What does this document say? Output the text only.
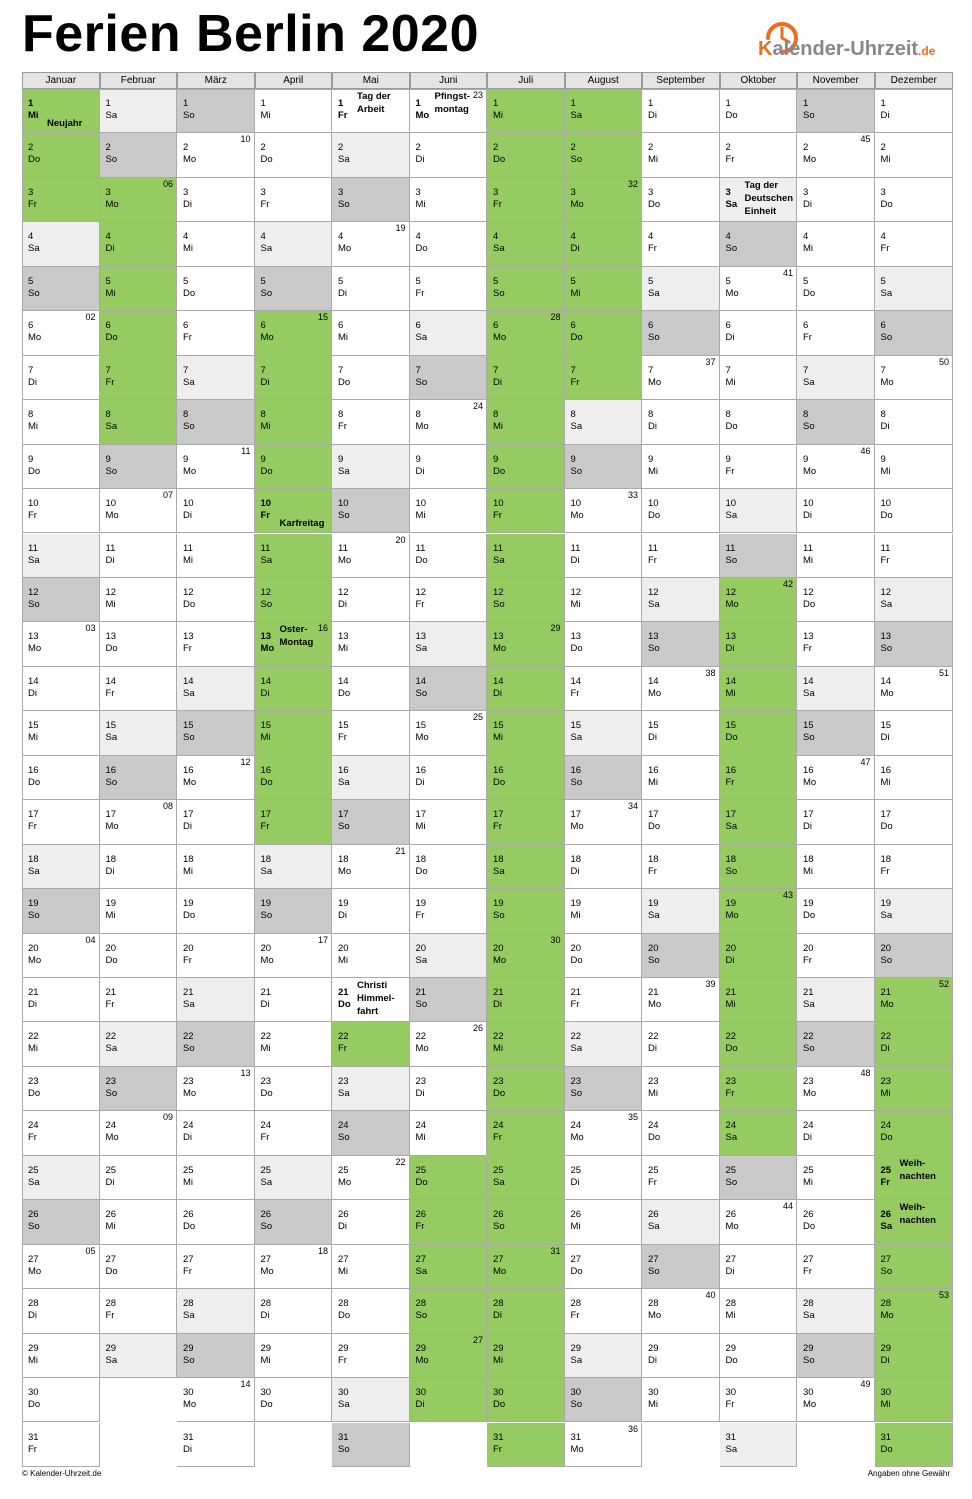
Ferien Berlin 2020	Kalender-Uhrzeit.de
Januar
1
Mi
Neujahr
2
Do
3
Fr
4
Sa
5
So
6
Mo
02
7
Di
8
Mi
9
Do
10
Fr
11
Sa
12
So
13
Mo
03
14
Di
15
Mi
16
Do
17
Fr
18
Sa
19
So
20
Mo
04
21
Di
22
Mi
23
Do
24
Fr
25
Sa
26
So
27
Mo
05
28
Di
29
Mi
30
Do
31
Fr
Februar
1
Sa
2
So
3
Mo
06
4
Di
5
Mi
6
Do
7
Fr
8
Sa
9
So
10
Mo
07
11
Di
12
Mi
13
Do
14
Fr
15
Sa
16
So
17
Mo
08
18
Di
19
Mi
20
Do
21
Fr
22
Sa
23
So
24
Mo
09
25
Di
26
Mi
27
Do
28
Fr
29
Sa
März
1
So
2
Mo
10
3
Di
4
Mi
5
Do
6
Fr
7
Sa
8
So
9
Mo
11
10
Di
11
Mi
12
Do
13
Fr
14
Sa
15
So
16
Mo
12
17
Di
18
Mi
19
Do
20
Fr
21
Sa
22
So
23
Mo
13
24
Di
25
Mi
26
Do
27
Fr
28
Sa
29
So
30
Mo
14
31
Di
April
1
Mi
2
Do
3
Fr
4
Sa
5
So
6
Mo
15
7
Di
8
Mi
9
Do
10
Fr
Karfreitag
11
Sa
12
So
13
Mo
Oster-
Montag
16
14
Di
15
Mi
16
Do
17
Fr
18
Sa
19
So
20
Mo
17
21
Di
22
Mi
23
Do
24
Fr
25
Sa
26
So
27
Mo
18
28
Di
29
Mi
30
Do
Mai
1
Fr
Tag der
Arbeit
2
Sa
3
So
4
Mo
19
5
Di
6
Mi
7
Do
8
Fr
9
Sa
10
So
11
Mo
20
12
Di
13
Mi
14
Do
15
Fr
16
Sa
17
So
18
Mo
21
19
Di
20
Mi
21
Do
Christi
Himmel-
fahrt
22
Fr
23
Sa
24
So
25
Mo
22
26
Di
27
Mi
28
Do
29
Fr
30
Sa
31
So
Juni
1
Mo
Pfingst-
montag
23
2
Di
3
Mi
4
Do
5
Fr
6
Sa
7
So
8
Mo
24
9
Di
10
Mi
11
Do
12
Fr
13
Sa
14
So
15
Mo
25
16
Di
17
Mi
18
Do
19
Fr
20
Sa
21
So
22
Mo
26
23
Di
24
Mi
25
Do
26
Fr
27
Sa
28
So
29
Mo
27
30
Di
Juli
1
Mi
2
Do
3
Fr
4
Sa
5
So
6
Mo
28
7
Di
8
Mi
9
Do
10
Fr
11
Sa
12
So
13
Mo
29
14
Di
15
Mi
16
Do
17
Fr
18
Sa
19
So
20
Mo
30
21
Di
22
Mi
23
Do
24
Fr
25
Sa
26
So
27
Mo
31
28
Di
29
Mi
30
Do
31
Fr
August
1
Sa
2
So
3
Mo
32
4
Di
5
Mi
6
Do
7
Fr
8
Sa
9
So
10
Mo
33
11
Di
12
Mi
13
Do
14
Fr
15
Sa
16
So
17
Mo
34
18
Di
19
Mi
20
Do
21
Fr
22
Sa
23
So
24
Mo
35
25
Di
26
Mi
27
Do
28
Fr
29
Sa
30
So
31
Mo
36
September
1
Di
2
Mi
3
Do
4
Fr
5
Sa
6
So
7
Mo
37
8
Di
9
Mi
10
Do
11
Fr
12
Sa
13
So
14
Mo
38
15
Di
16
Mi
17
Do
18
Fr
19
Sa
20
So
21
Mo
39
22
Di
23
Mi
24
Do
25
Fr
26
Sa
27
So
28
Mo
40
29
Di
30
Mi
Oktober
1
Do
2
Fr
3
Sa
Tag der
Deutschen
Einheit
4
So
5
Mo
41
6
Di
7
Mi
8
Do
9
Fr
10
Sa
11
So
12
Mo
42
13
Di
14
Mi
15
Do
16
Fr
17
Sa
18
So
19
Mo
43
20
Di
21
Mi
22
Do
23
Fr
24
Sa
25
So
26
Mo
44
27
Di
28
Mi
29
Do
30
Fr
31
Sa
November
1
So
2
Mo
45
3
Di
4
Mi
5
Do
6
Fr
7
Sa
8
So
9
Mo
46
10
Di
11
Mi
12
Do
13
Fr
14
Sa
15
So
16
Mo
47
17
Di
18
Mi
19
Do
20
Fr
21
Sa
22
So
23
Mo
48
24
Di
25
Mi
26
Do
27
Fr
28
Sa
29
So
30
Mo
49
Dezember
1
Di
2
Mi
3
Do
4
Fr
5
Sa
6
So
7
Mo
50
8
Di
9
Mi
10
Do
11
Fr
12
Sa
13
So
14
Mo
51
15
Di
16
Mi
17
Do
18
Fr
19
Sa
20
So
21
Mo
52
22
Di
23
Mi
24
Do
25
Fr
Weih-
nachten
26
Sa
Weih-
nachten
27
So
28
Mo
53
29
Di
30
Mi
31
Do
© Kalender-Uhrzeit.de	Angaben ohne Gewähr
